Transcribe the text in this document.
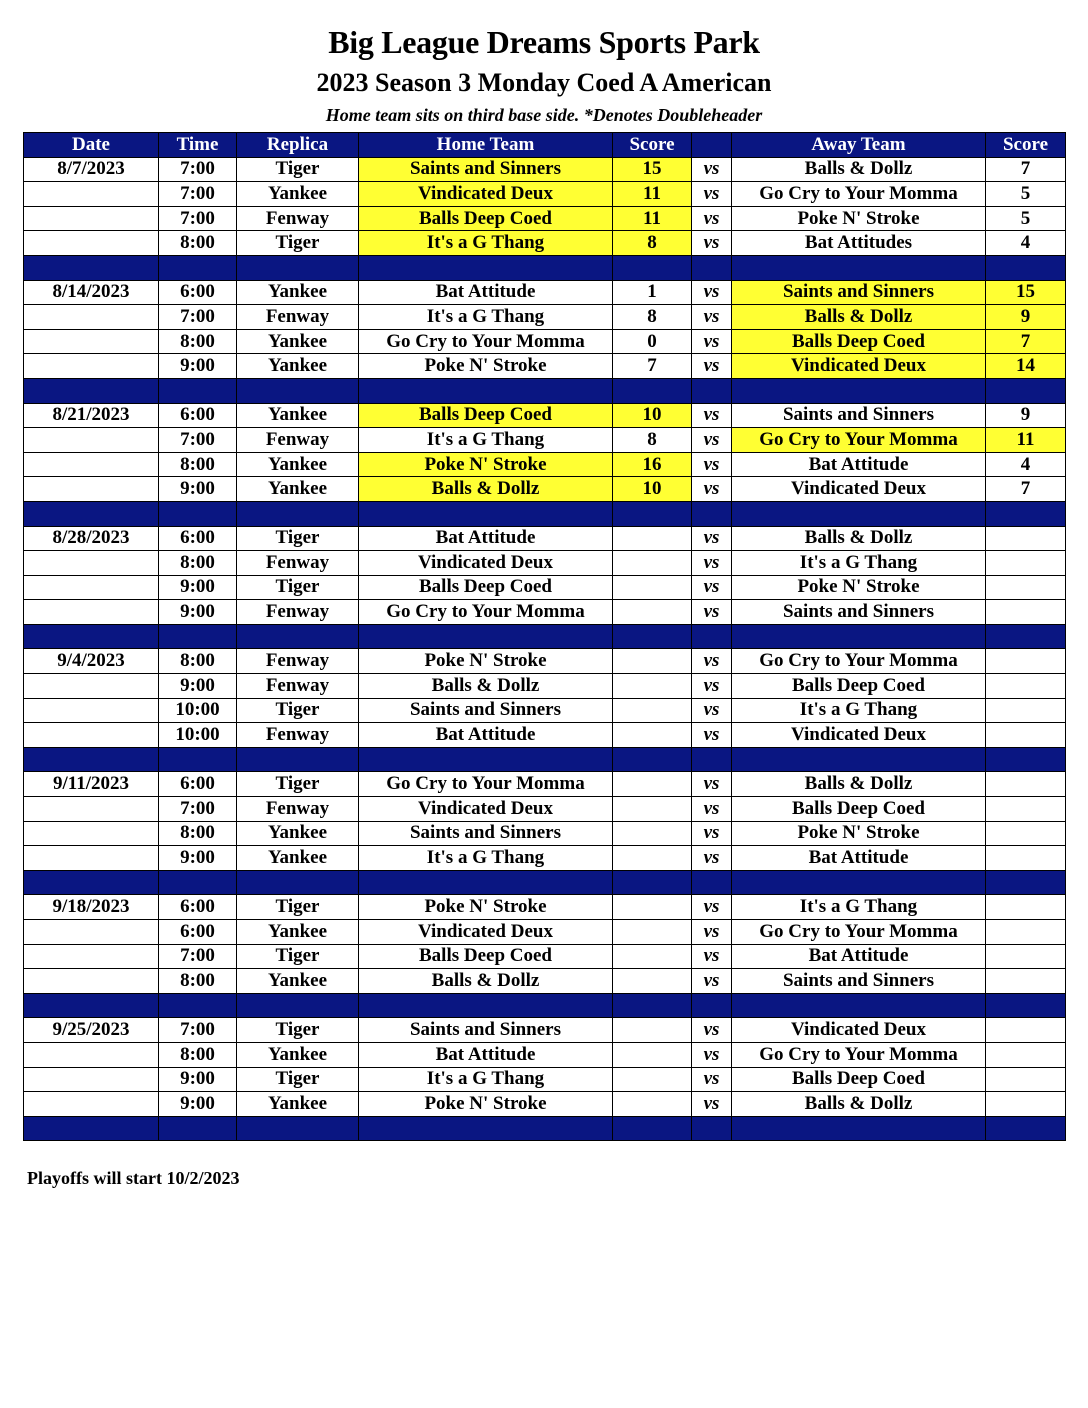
Big League Dreams Sports Park
2023 Season 3 Monday Coed A American
Home team sits on third base side. *Denotes Doubleheader
Date	Time	Replica	Home Team	Score		Away Team	Score
8/7/2023	7:00	Tiger	Saints and Sinners	15	vs	Balls & Dollz	7
	7:00	Yankee	Vindicated Deux	11	vs	Go Cry to Your Momma	5
	7:00	Fenway	Balls Deep Coed	11	vs	Poke N' Stroke	5
	8:00	Tiger	It's a G Thang	8	vs	Bat Attitudes	4

8/14/2023	6:00	Yankee	Bat Attitude	1	vs	Saints and Sinners	15
	7:00	Fenway	It's a G Thang	8	vs	Balls & Dollz	9
	8:00	Yankee	Go Cry to Your Momma	0	vs	Balls Deep Coed	7
	9:00	Yankee	Poke N' Stroke	7	vs	Vindicated Deux	14

8/21/2023	6:00	Yankee	Balls Deep Coed	10	vs	Saints and Sinners	9
	7:00	Fenway	It's a G Thang	8	vs	Go Cry to Your Momma	11
	8:00	Yankee	Poke N' Stroke	16	vs	Bat Attitude	4
	9:00	Yankee	Balls & Dollz	10	vs	Vindicated Deux	7

8/28/2023	6:00	Tiger	Bat Attitude		vs	Balls & Dollz	
	8:00	Fenway	Vindicated Deux		vs	It's a G Thang	
	9:00	Tiger	Balls Deep Coed		vs	Poke N' Stroke	
	9:00	Fenway	Go Cry to Your Momma		vs	Saints and Sinners	

9/4/2023	8:00	Fenway	Poke N' Stroke		vs	Go Cry to Your Momma	
	9:00	Fenway	Balls & Dollz		vs	Balls Deep Coed	
	10:00	Tiger	Saints and Sinners		vs	It's a G Thang	
	10:00	Fenway	Bat Attitude		vs	Vindicated Deux	

9/11/2023	6:00	Tiger	Go Cry to Your Momma		vs	Balls & Dollz	
	7:00	Fenway	Vindicated Deux		vs	Balls Deep Coed	
	8:00	Yankee	Saints and Sinners		vs	Poke N' Stroke	
	9:00	Yankee	It's a G Thang		vs	Bat Attitude	

9/18/2023	6:00	Tiger	Poke N' Stroke		vs	It's a G Thang	
	6:00	Yankee	Vindicated Deux		vs	Go Cry to Your Momma	
	7:00	Tiger	Balls Deep Coed		vs	Bat Attitude	
	8:00	Yankee	Balls & Dollz		vs	Saints and Sinners	

9/25/2023	7:00	Tiger	Saints and Sinners		vs	Vindicated Deux	
	8:00	Yankee	Bat Attitude		vs	Go Cry to Your Momma	
	9:00	Tiger	It's a G Thang		vs	Balls Deep Coed	
	9:00	Yankee	Poke N' Stroke		vs	Balls & Dollz	

Playoffs will start 10/2/2023
